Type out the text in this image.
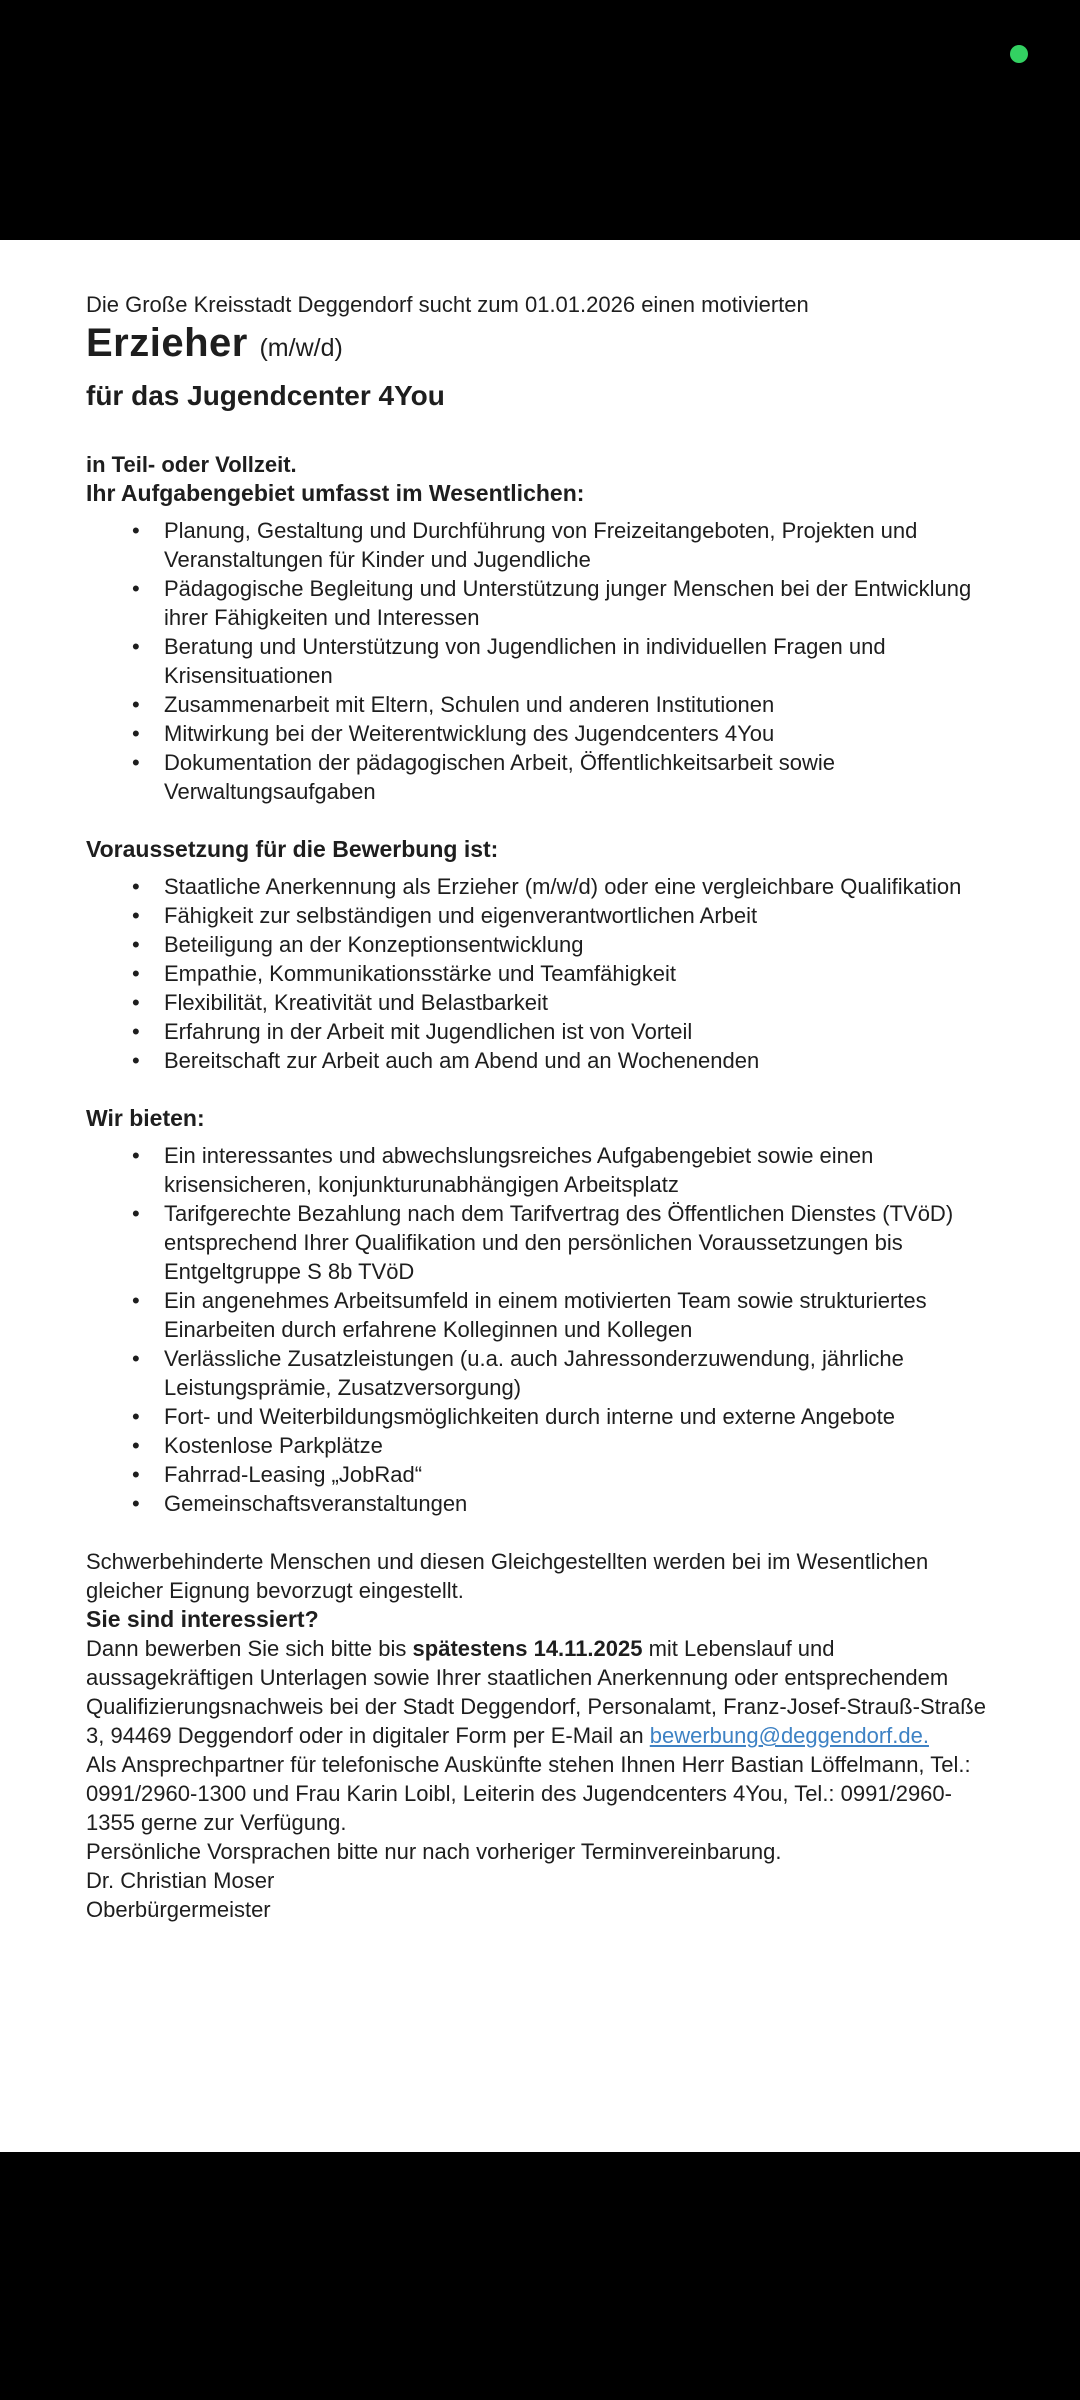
Die Große Kreisstadt Deggendorf sucht zum 01.01.2026 einen motivierten

Erzieher (m/w/d)
für das Jugendcenter 4You

in Teil- oder Vollzeit.

Ihr Aufgabengebiet umfasst im Wesentlichen:
• Planung, Gestaltung und Durchführung von Freizeitangeboten, Projekten und Veranstaltungen für Kinder und Jugendliche
• Pädagogische Begleitung und Unterstützung junger Menschen bei der Entwicklung ihrer Fähigkeiten und Interessen
• Beratung und Unterstützung von Jugendlichen in individuellen Fragen und Krisensituationen
• Zusammenarbeit mit Eltern, Schulen und anderen Institutionen
• Mitwirkung bei der Weiterentwicklung des Jugendcenters 4You
• Dokumentation der pädagogischen Arbeit, Öffentlichkeitsarbeit sowie Verwaltungsaufgaben
Voraussetzung für die Bewerbung ist:
• Staatliche Anerkennung als Erzieher (m/w/d) oder eine vergleichbare Qualifikation
• Fähigkeit zur selbständigen und eigenverantwortlichen Arbeit
• Beteiligung an der Konzeptionsentwicklung
• Empathie, Kommunikationsstärke und Teamfähigkeit
• Flexibilität, Kreativität und Belastbarkeit
• Erfahrung in der Arbeit mit Jugendlichen ist von Vorteil
• Bereitschaft zur Arbeit auch am Abend und an Wochenenden
Wir bieten:
• Ein interessantes und abwechslungsreiches Aufgabengebiet sowie einen krisensicheren, konjunkturunabhängigen Arbeitsplatz
• Tarifgerechte Bezahlung nach dem Tarifvertrag des Öffentlichen Dienstes (TVöD) entsprechend Ihrer Qualifikation und den persönlichen Voraussetzungen bis Entgeltgruppe S 8b TVöD
• Ein angenehmes Arbeitsumfeld in einem motivierten Team sowie strukturiertes Einarbeiten durch erfahrene Kolleginnen und Kollegen
• Verlässliche Zusatzleistungen (u.a. auch Jahressonderzuwendung, jährliche Leistungsprämie, Zusatzversorgung)
• Fort- und Weiterbildungsmöglichkeiten durch interne und externe Angebote
• Kostenlose Parkplätze
• Fahrrad-Leasing „JobRad“
• Gemeinschaftsveranstaltungen

Schwerbehinderte Menschen und diesen Gleichgestellten werden bei im Wesentlichen gleicher Eignung bevorzugt eingestellt.

Sie sind interessiert?

Dann bewerben Sie sich bitte bis spätestens 14.11.2025 mit Lebenslauf und aussagekräftigen Unterlagen sowie Ihrer staatlichen Anerkennung oder entsprechendem Qualifizierungsnachweis bei der Stadt Deggendorf, Personalamt, Franz-Josef-Strauß-Straße 3, 94469 Deggendorf oder in digitaler Form per E-Mail an bewerbung@deggendorf.de.

Als Ansprechpartner für telefonische Auskünfte stehen Ihnen Herr Bastian Löffelmann, Tel.: 0991/2960-1300 und Frau Karin Loibl, Leiterin des Jugendcenters 4You, Tel.: 0991/2960-1355 gerne zur Verfügung.

Persönliche Vorsprachen bitte nur nach vorheriger Terminvereinbarung.

Dr. Christian Moser

Oberbürgermeister
